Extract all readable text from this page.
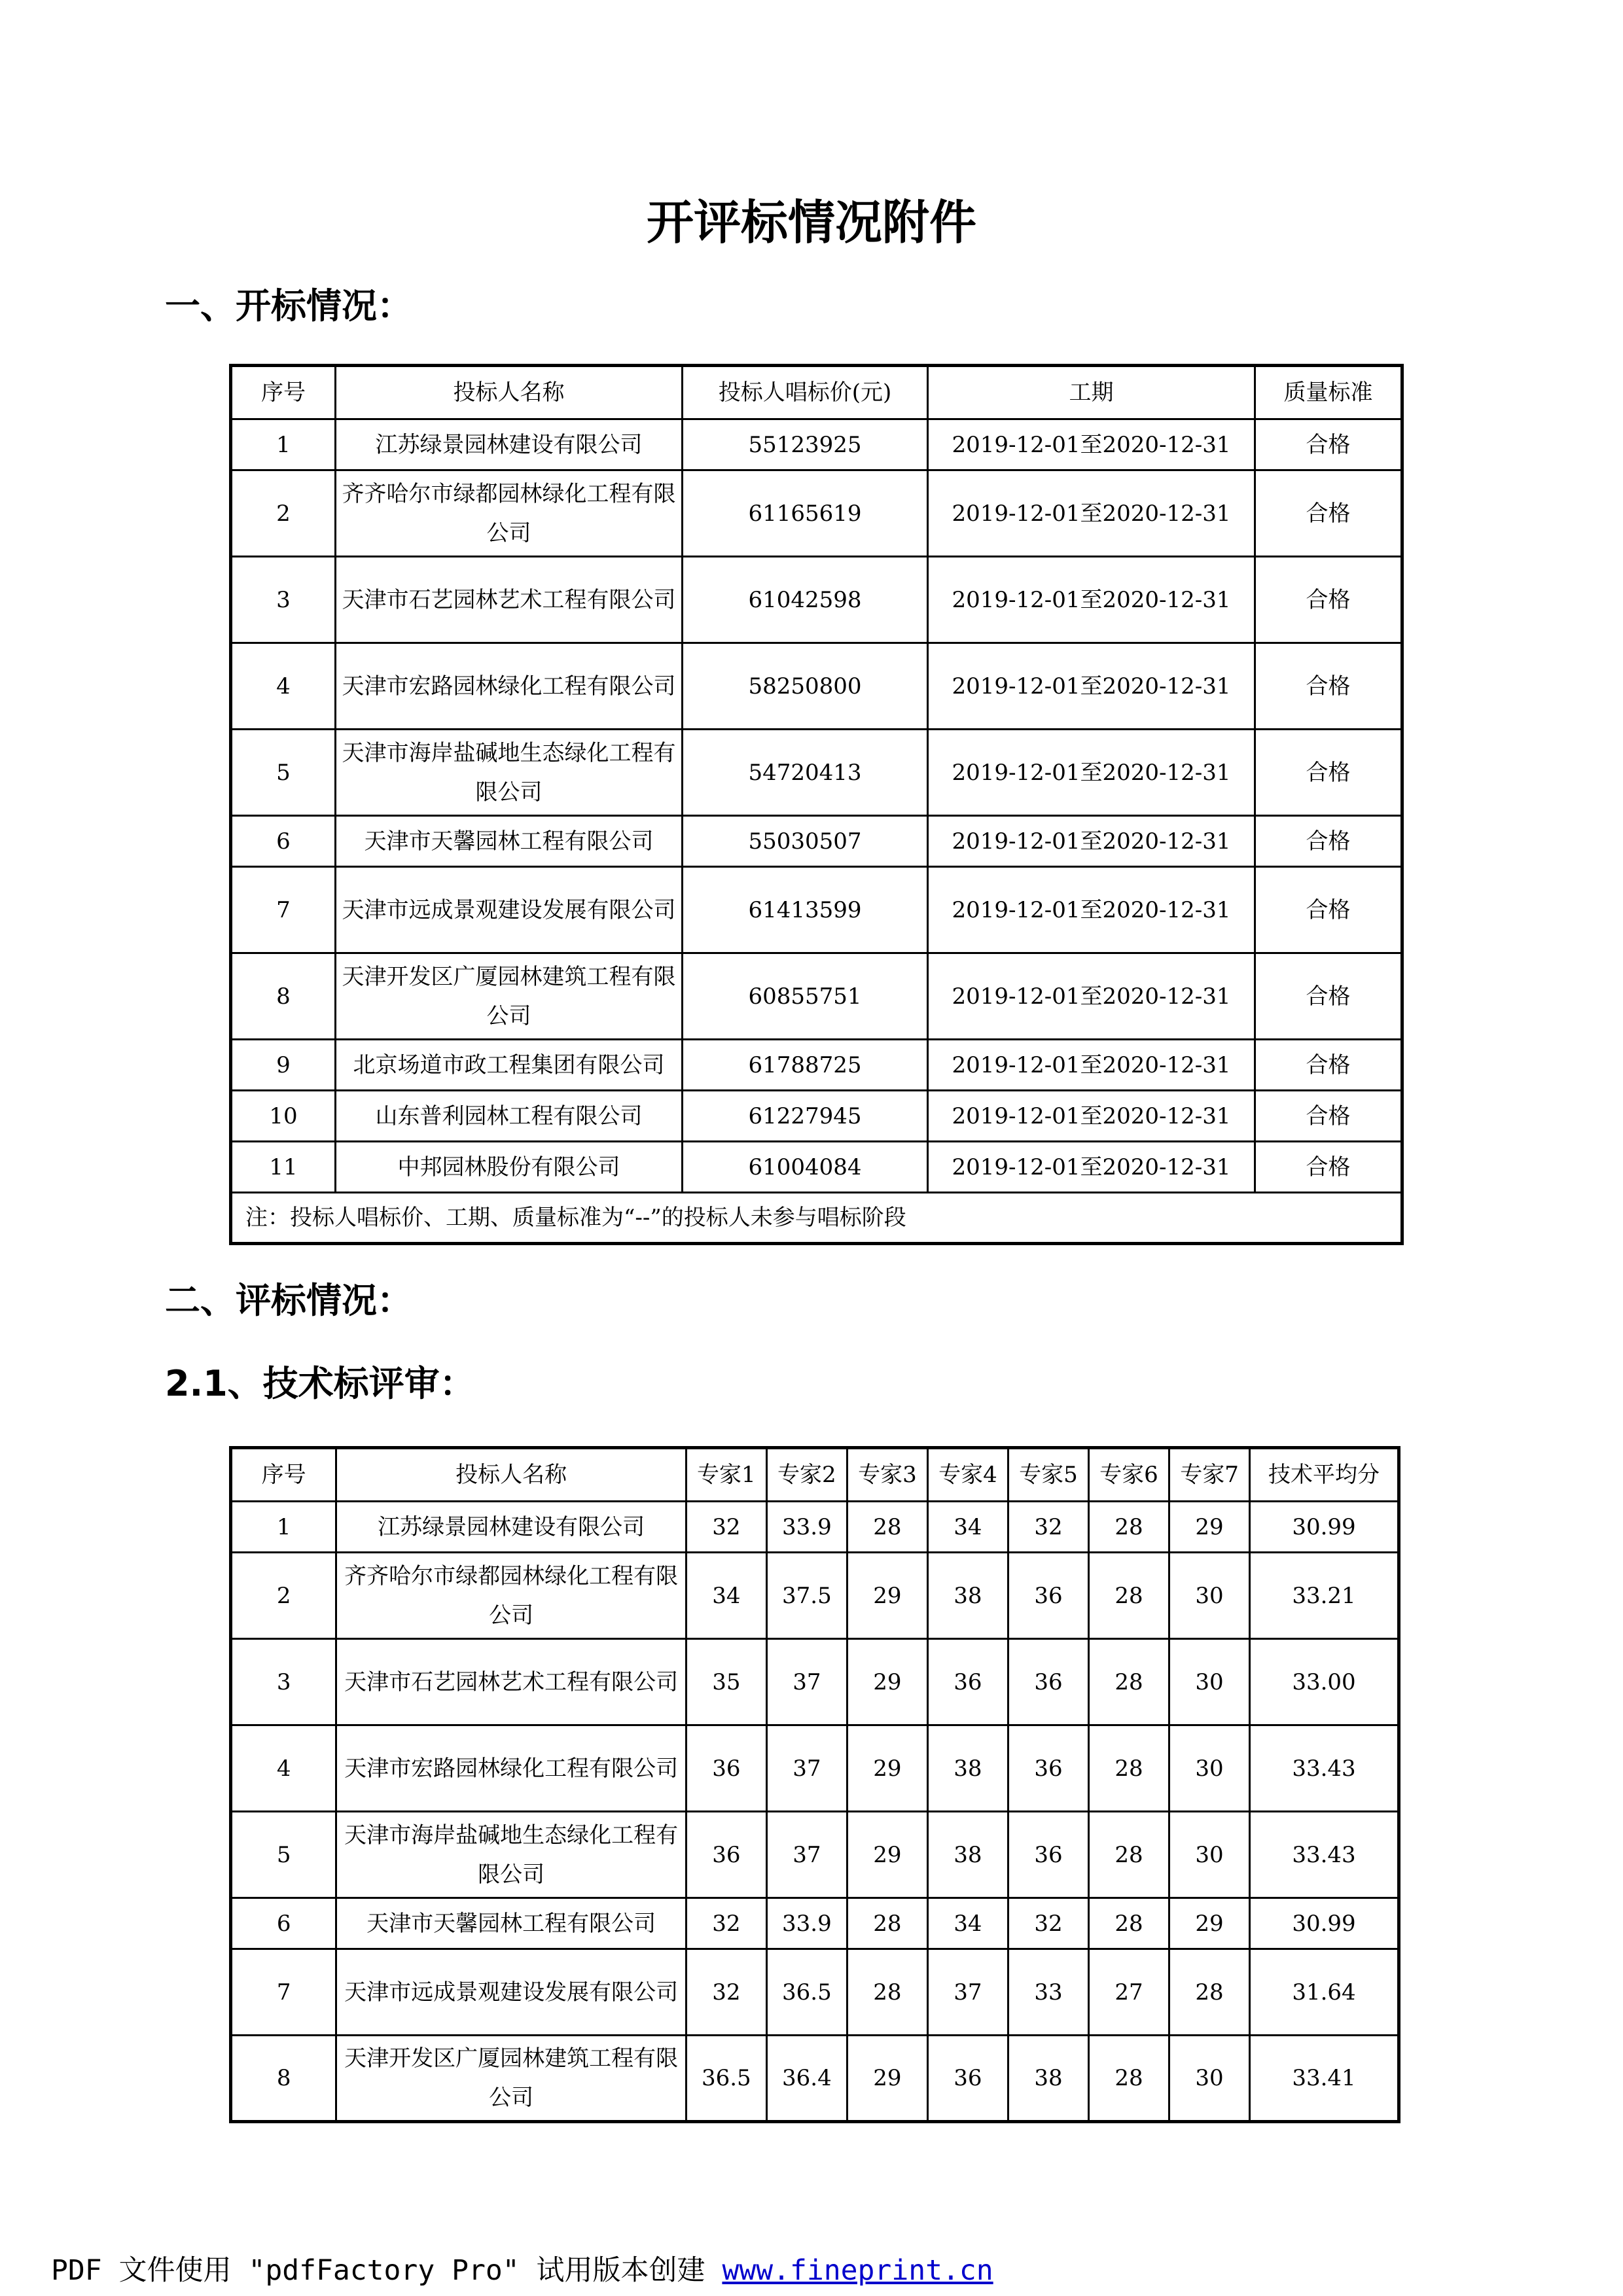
开评标情况附件
一、开标情况：
序号	投标人名称	投标人唱标价(元)	工期	质量标准
1	江苏绿景园林建设有限公司	55123925	2019-12-01至2020-12-31	合格
2	齐齐哈尔市绿都园林绿化工程有限公司	61165619	2019-12-01至2020-12-31	合格
3	天津市石艺园林艺术工程有限公司	61042598	2019-12-01至2020-12-31	合格
4	天津市宏路园林绿化工程有限公司	58250800	2019-12-01至2020-12-31	合格
5	天津市海岸盐碱地生态绿化工程有限公司	54720413	2019-12-01至2020-12-31	合格
6	天津市天馨园林工程有限公司	55030507	2019-12-01至2020-12-31	合格
7	天津市远成景观建设发展有限公司	61413599	2019-12-01至2020-12-31	合格
8	天津开发区广厦园林建筑工程有限公司	60855751	2019-12-01至2020-12-31	合格
9	北京场道市政工程集团有限公司	61788725	2019-12-01至2020-12-31	合格
10	山东普利园林工程有限公司	61227945	2019-12-01至2020-12-31	合格
11	中邦园林股份有限公司	61004084	2019-12-01至2020-12-31	合格
注：投标人唱标价、工期、质量标准为“--”的投标人未参与唱标阶段				
二、评标情况：
2.1、技术标评审：
序号	投标人名称	专家1	专家2	专家3	专家4	专家5	专家6	专家7	技术平均分
1	江苏绿景园林建设有限公司	32	33.9	28	34	32	28	29	30.99
2	齐齐哈尔市绿都园林绿化工程有限公司	34	37.5	29	38	36	28	30	33.21
3	天津市石艺园林艺术工程有限公司	35	37	29	36	36	28	30	33.00
4	天津市宏路园林绿化工程有限公司	36	37	29	38	36	28	30	33.43
5	天津市海岸盐碱地生态绿化工程有限公司	36	37	29	38	36	28	30	33.43
6	天津市天馨园林工程有限公司	32	33.9	28	34	32	28	29	30.99
7	天津市远成景观建设发展有限公司	32	36.5	28	37	33	27	28	31.64
8	天津开发区广厦园林建筑工程有限公司	36.5	36.4	29	36	38	28	30	33.41
PDF 文件使用 "pdfFactory Pro" 试用版本创建 www.fineprint.cn
